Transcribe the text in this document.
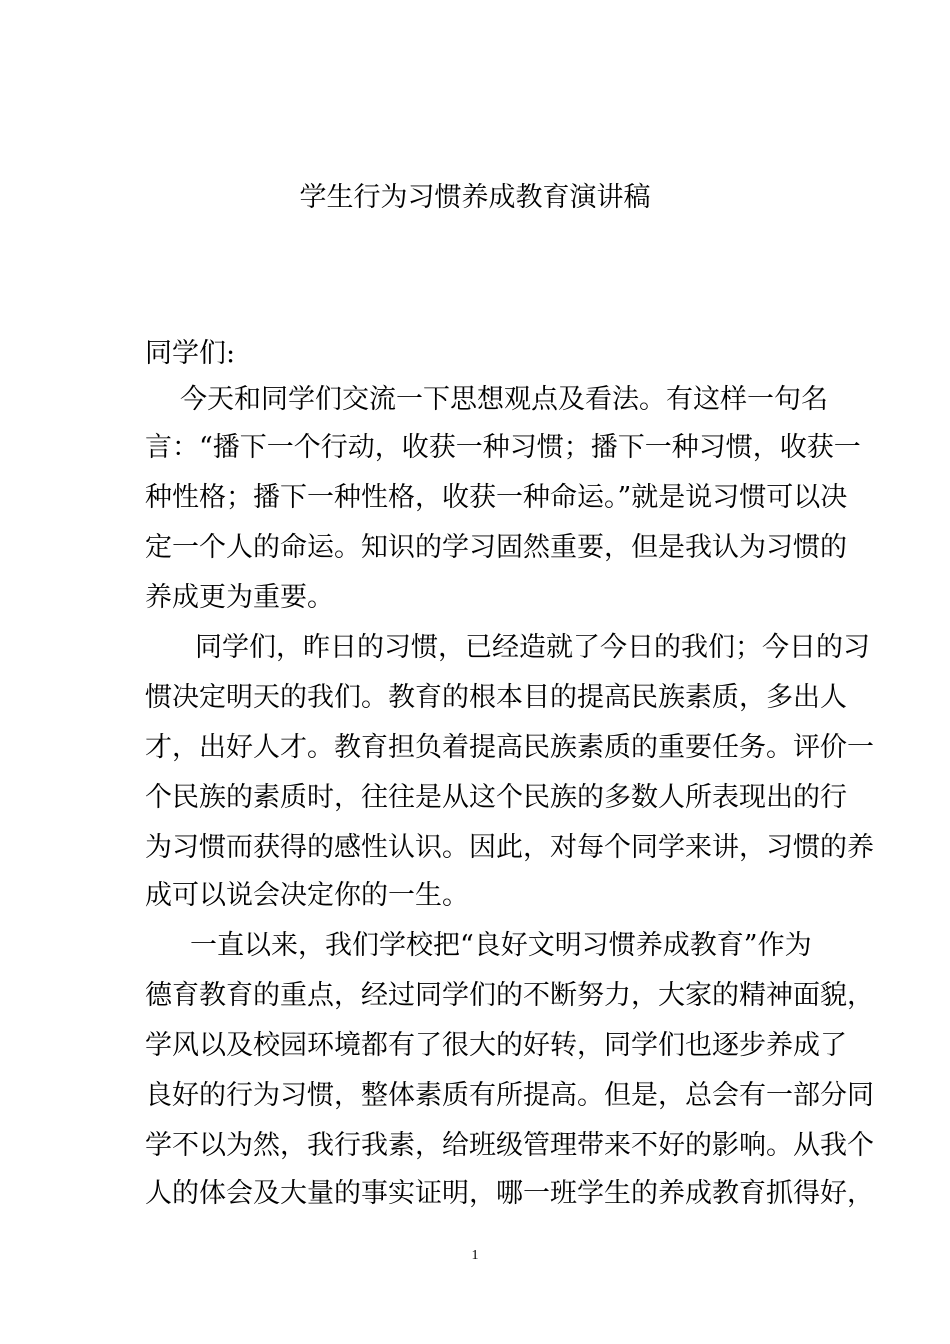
学生行为习惯养成教育演讲稿

同学们:

今天和同学们交流一下思想观点及看法。有这样一句名

言：“播下一个行动，收获一种习惯；播下一种习惯，收获一

种性格；播下一种性格，收获一种命运。”就是说习惯可以决

定一个人的命运。知识的学习固然重要，但是我认为习惯的

养成更为重要。

同学们，昨日的习惯，已经造就了今日的我们；今日的习

惯决定明天的我们。教育的根本目的提高民族素质，多出人

才，出好人才。教育担负着提高民族素质的重要任务。评价一

个民族的素质时，往往是从这个民族的多数人所表现出的行

为习惯而获得的感性认识。因此，对每个同学来讲，习惯的养

成可以说会决定你的一生。

一直以来，我们学校把“良好文明习惯养成教育”作为

德育教育的重点，经过同学们的不断努力，大家的精神面貌，

学风以及校园环境都有了很大的好转，同学们也逐步养成了

良好的行为习惯，整体素质有所提高。但是，总会有一部分同

学不以为然，我行我素，给班级管理带来不好的影响。从我个

人的体会及大量的事实证明，哪一班学生的养成教育抓得好，

1
